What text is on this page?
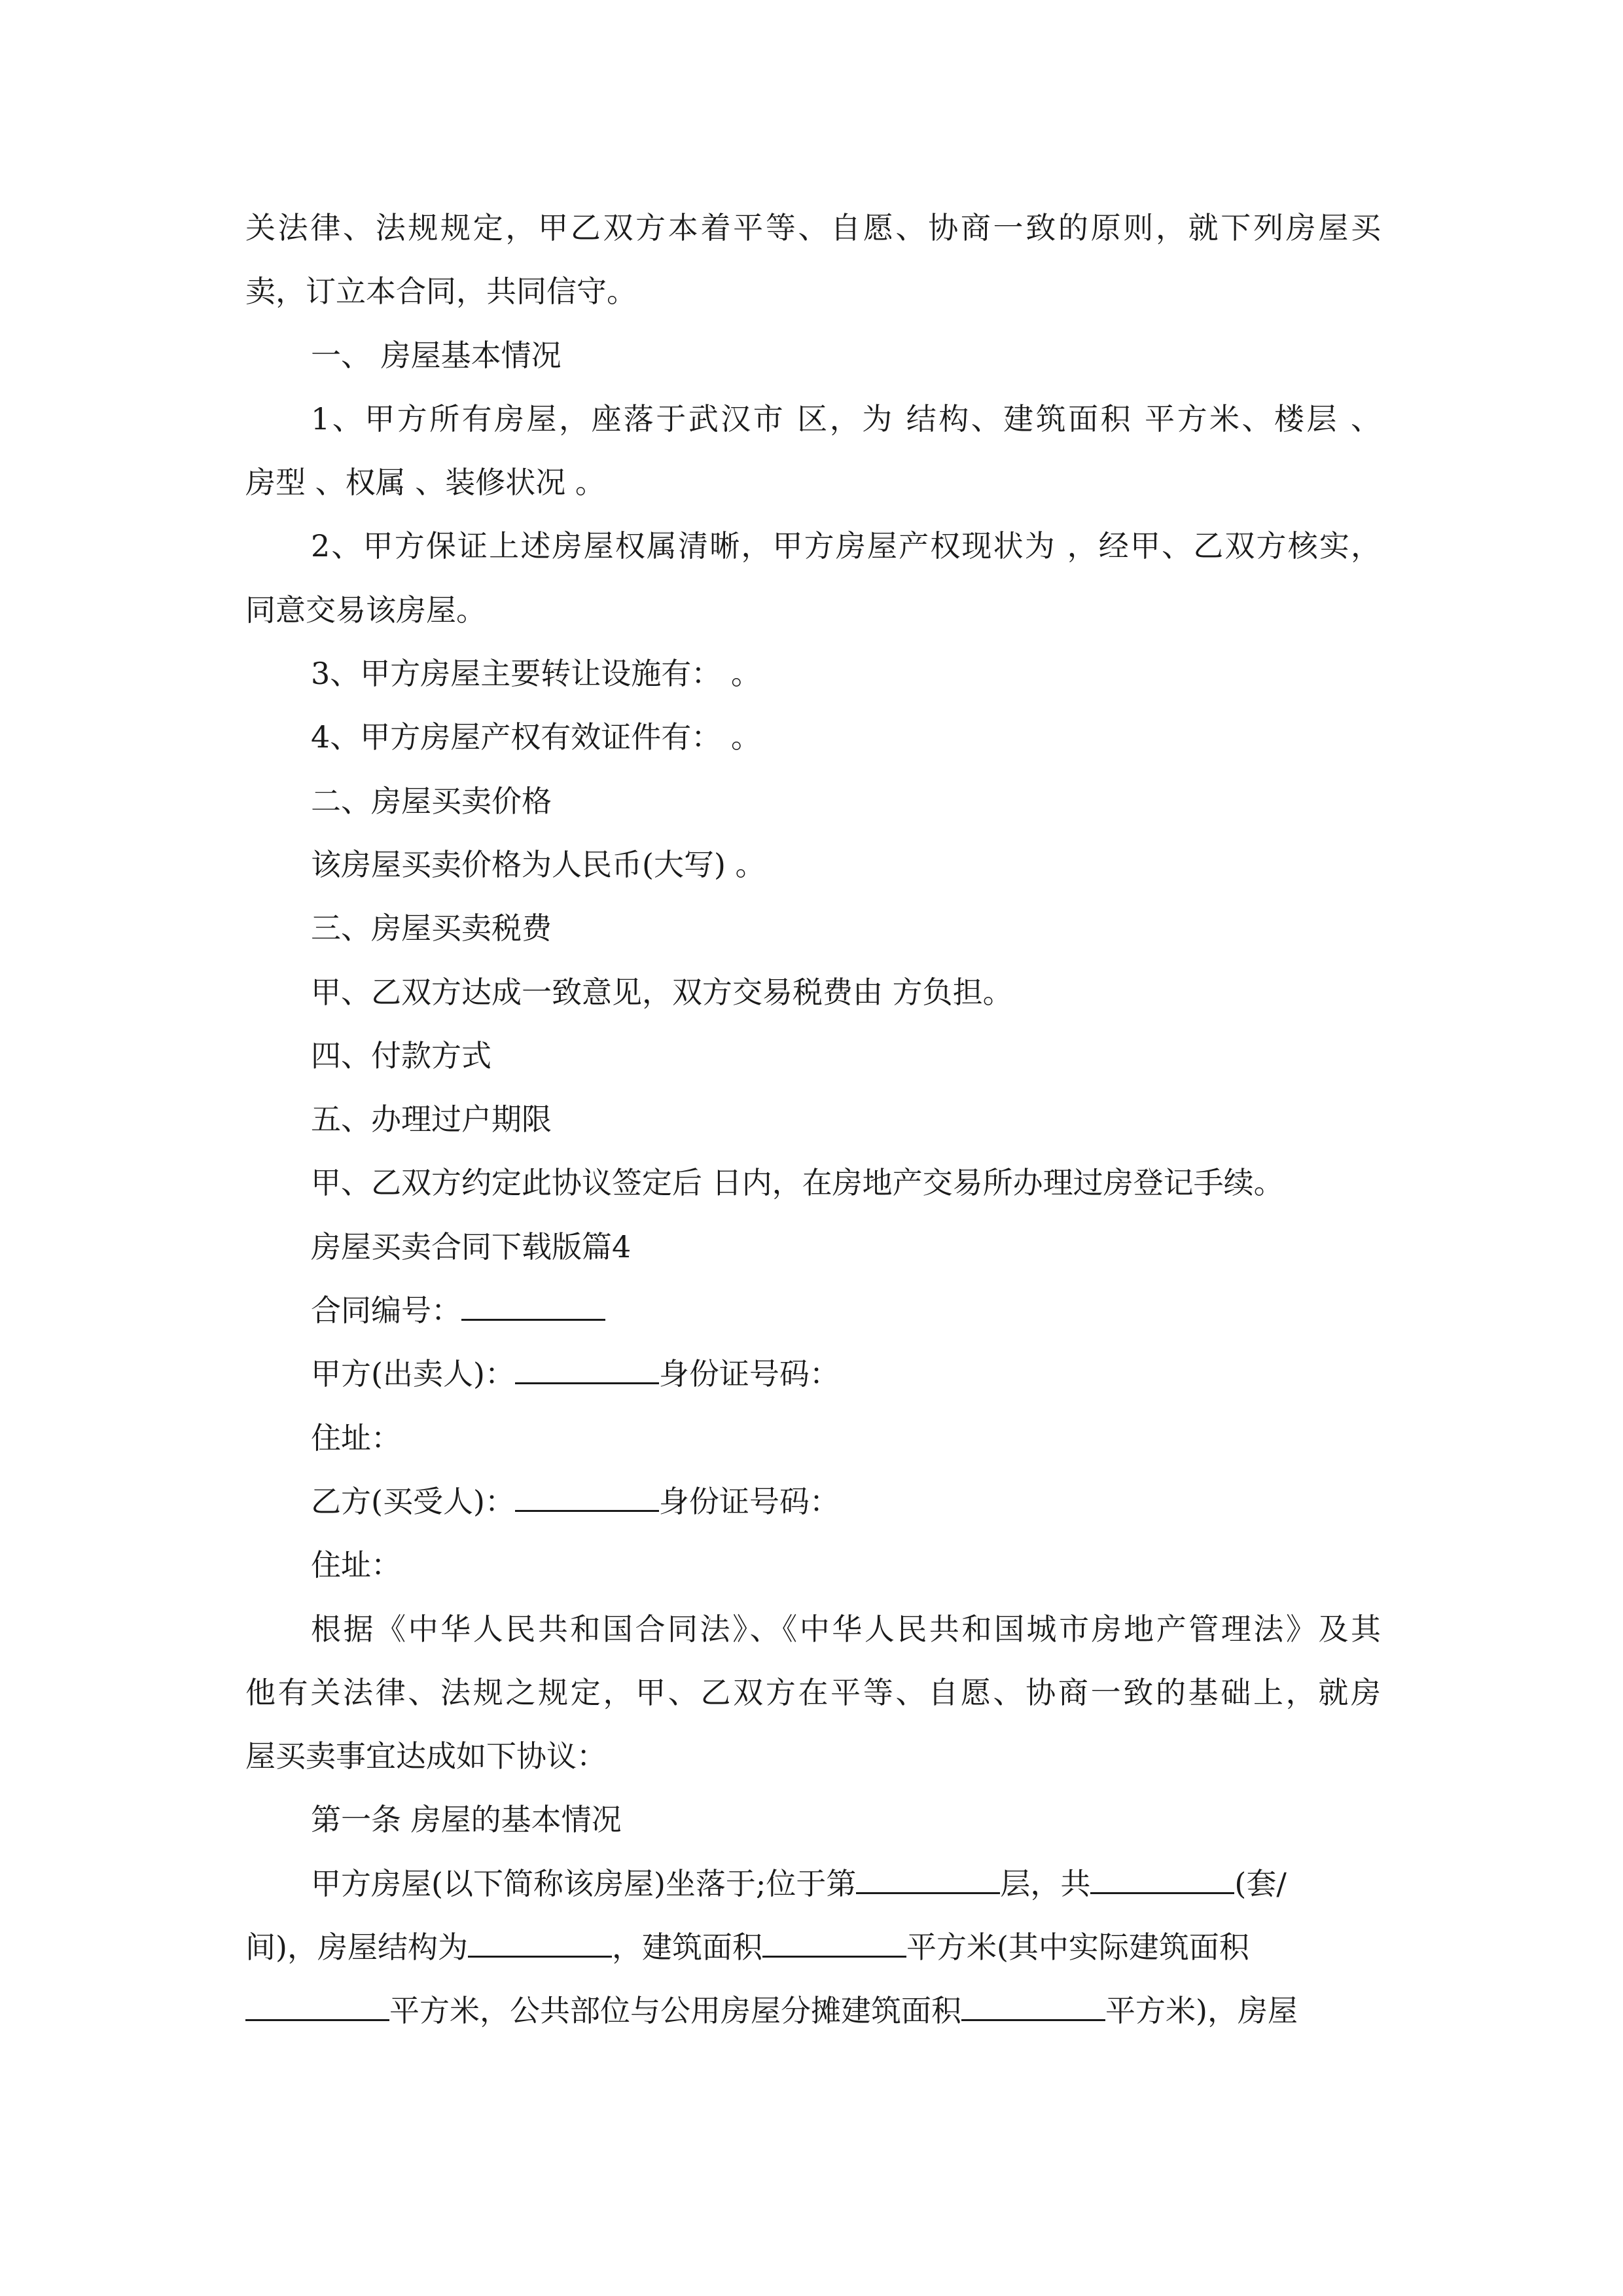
关法律、法规规定，甲乙双方本着平等、自愿、协商一致的原则，就下列房屋买
卖，订立本合同，共同信守。
一、 房屋基本情况
1、甲方所有房屋，座落于武汉市 区，为 结构、建筑面积 平方米、楼层 、
房型 、权属 、装修状况 。
2、甲方保证上述房屋权属清晰，甲方房屋产权现状为 ，经甲、乙双方核实，
同意交易该房屋。
3、甲方房屋主要转让设施有： 。
4、甲方房屋产权有效证件有： 。
二、房屋买卖价格
该房屋买卖价格为人民币(大写) 。
三、房屋买卖税费
甲、乙双方达成一致意见，双方交易税费由 方负担。
四、付款方式
五、办理过户期限
甲、乙双方约定此协议签定后 日内，在房地产交易所办理过房登记手续。
房屋买卖合同下载版篇4
合同编号：
甲方(出卖人)：	身份证号码：
住址：
乙方(买受人)：	身份证号码：
住址：
根据《中华人民共和国合同法》、《中华人民共和国城市房地产管理法》及其
他有关法律、法规之规定，甲、乙双方在平等、自愿、协商一致的基础上，就房
屋买卖事宜达成如下协议：
第一条 房屋的基本情况
甲方房屋(以下简称该房屋)坐落于;位于第	层，共	(套/
间)，房屋结构为	，建筑面积	平方米(其中实际建筑面积
平方米，公共部位与公用房屋分摊建筑面积	平方米)，房屋
